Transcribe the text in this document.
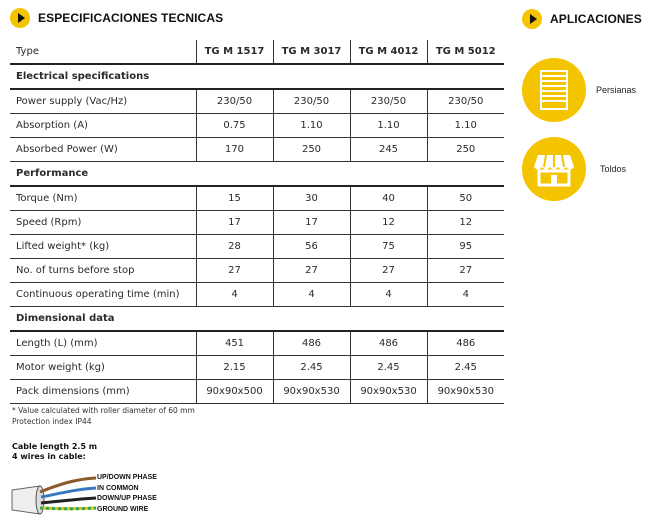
ESPECIFICACIONES TECNICAS	APLICACIONES
Type	TG M 1517	TG M 3017	TG M 4012	TG M 5012
Electrical specifications				
Power supply (Vac/Hz)	230/50	230/50	230/50	230/50
Absorption (A)	0.75	1.10	1.10	1.10
Absorbed Power (W)	170	250	245	250
Performance				
Torque (Nm)	15	30	40	50
Speed (Rpm)	17	17	12	12
Lifted weight* (kg)	28	56	75	95
No. of turns before stop	27	27	27	27
Continuous operating time (min)	4	4	4	4
Dimensional data				
Length (L) (mm)	451	486	486	486
Motor weight (kg)	2.15	2.45	2.45	2.45
Pack dimensions (mm)	90x90x500	90x90x530	90x90x530	90x90x530
* Value calculated with roller diameter of 60 mm
Protection index IP44
Cable length 2.5 m
4 wires in cable:
UP/DOWN PHASE
IN COMMON
DOWN/UP PHASE
GROUND WIRE
Persianas
Toldos
